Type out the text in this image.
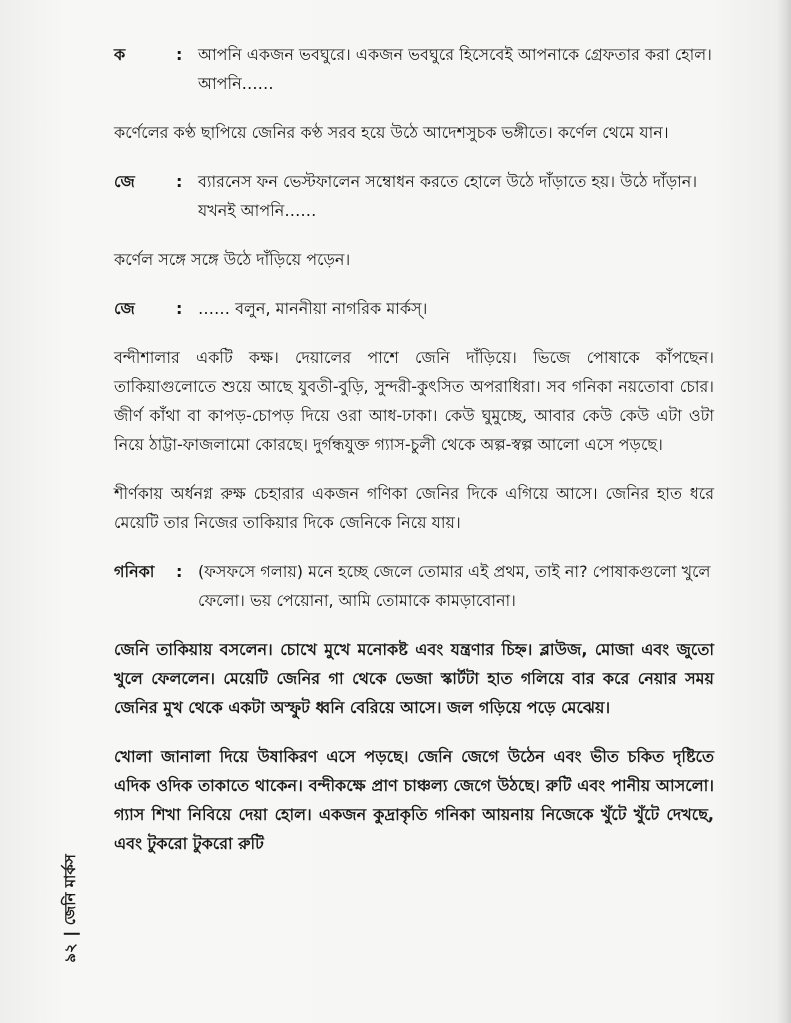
ক	: আপনি একজন ভবঘুরে। একজন ভবঘুরে হিসেবেই আপনাকে গ্রেফতার করা হোল। আপনি……

কর্ণেলের কণ্ঠ ছাপিয়ে জেনির কণ্ঠ সরব হয়ে উঠে আদেশসুচক ভঙ্গীতে। কর্ণেল থেমে যান।

জে	: ব্যারনেস ফন ভেস্টফালেন সম্বোধন করতে হোলে উঠে দাঁড়াতে হয়। উঠে দাঁড়ান। যখনই আপনি……

কর্ণেল সঙ্গে সঙ্গে উঠে দাঁড়িয়ে পড়েন।

জে	: …… বলুন, মাননীয়া নাগরিক মার্কস্।

বন্দীশালার একটি কক্ষ। দেয়ালের পাশে জেনি দাঁড়িয়ে। ভিজে পোষাকে কাঁপছেন। তাকিয়াগুলোতে শুয়ে আছে যুবতী-বুড়ি, সুন্দরী-কুৎসিত অপরাধিরা। সব গনিকা নয়তোবা চোর। জীর্ণ কাঁথা বা কাপড়-চোপড় দিয়ে ওরা আধ-ঢাকা। কেউ ঘুমুচ্ছে, আবার কেউ কেউ এটা ওটা নিয়ে ঠাট্টা-ফাজলামো কোরছে। দুর্গন্ধযুক্ত গ্যাস-চুলী থেকে অল্প-স্বল্প আলো এসে পড়ছে।

শীর্ণকায় অর্ধনগ্ন রুক্ষ চেহারার একজন গণিকা জেনির দিকে এগিয়ে আসে। জেনির হাত ধরে মেয়েটি তার নিজের তাকিয়ার দিকে জেনিকে নিয়ে যায়।

গনিকা	: (ফসফসে গলায়) মনে হচ্ছে জেলে তোমার এই প্রথম, তাই না? পোষাকগুলো খুলে ফেলো। ভয় পেয়োনা, আমি তোমাকে কামড়াবোনা।

জেনি তাকিয়ায় বসলেন। চোখে মুখে মনোকষ্ট এবং যন্ত্রণার চিহ্ন। ব্লাউজ, মোজা এবং জুতো খুলে ফেললেন। মেয়েটি জেনির গা থেকে ভেজা স্কার্টটা হাত গলিয়ে বার করে নেয়ার সময় জেনির মুখ থেকে একটা অস্ফুট ধ্বনি বেরিয়ে আসে। জল গড়িয়ে পড়ে মেঝেয়।

খোলা জানালা দিয়ে উষাকিরণ এসে পড়ছে। জেনি জেগে উঠেন এবং ভীত চকিত দৃষ্টিতে এদিক ওদিক তাকাতে থাকেন। বন্দীকক্ষে প্রাণ চাঞ্চল্য জেগে উঠছে। রুটি এবং পানীয় আসলো। গ্যাস শিখা নিবিয়ে দেয়া হোল। একজন কুদ্রাকৃতি গনিকা আয়নায় নিজেকে খুঁটে খুঁটে দেখছে, এবং টুকরো টুকরো রুটি

৯২
জেনি মার্কস
